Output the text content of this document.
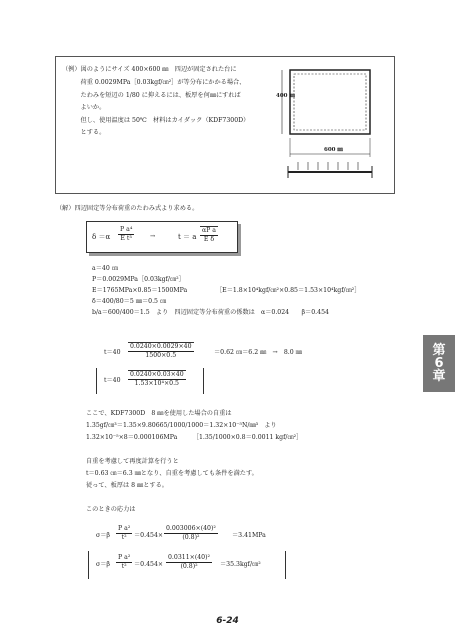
（例）図のようにサイズ 400×600 ㎜　四辺が固定された台に
　　　荷重 0.0029MPa［0.03kgf/㎝²］が等分布にかかる場合、
　　　たわみを短辺の 1/80 に抑えるには、板厚を何㎜にすれば
　　　よいか。
　　　但し、使用温度は 50℃　材料はカイダック（KDF7300D）
　　　とする。
400 ㎜
600 ㎜
（解）四辺固定等分布荷重のたわみ式より求める。
$\delta =\alpha \frac{\text{P a⁴}}{\text{E t³}}$	→	t ＝ a $\frac{\text{αP a}}{\text{E δ}}$
a＝40 ㎝
P＝0.0029MPa［0.03kgf/㎝²］
E＝1765MPa×0.85＝1500MPa	［E＝1.8×10⁴kgf/㎝²×0.85＝1.53×10⁴kgf/㎝²］
δ＝400/80＝5 ㎜＝0.5 ㎝
b/a＝600/400＝1.5　より　四辺固定等分布荷重の係数は　α＝0.024　　β＝0.454
$t=40 \frac{0.0240\times 0.0029\times 40}{1500\times 0.5}$	＝0.62 ㎝＝6.2 ㎜　→　8.0 ㎜
$t=40 \frac{0.0240\times 0.03\times 40}{\text{1.53×10⁴×0.5}}$
ここで、KDF7300D　8 ㎜を使用した場合の自重は
1.35gf/㎝³＝1.35×9.80665/1000/1000＝1.32×10⁻⁵N/㎜³　より
1.32×10⁻⁵×8＝0.000106MPa　　　［1.35/1000×0.8＝0.0011 kgf/㎝²］
自重を考慮して再度計算を行うと
t＝0.63 ㎝＝6.3 ㎜となり、自重を考慮しても条件を満たす。
従って、板厚は 8 ㎜とする。
このときの応力は
$\sigma=\beta \frac{\text{P a²}}{\text{t²}} =0.454\times \frac{\text{0.003006×(40)²}}{\text{(0.8)²}} =3.41MPa$
$\sigma=\beta \frac{\text{P a²}}{\text{t²}} =0.454\times \frac{\text{0.0311×(40)²}}{\text{(0.8)²}}$ ＝35.3kgf/㎝²
第
6
章
6-24
